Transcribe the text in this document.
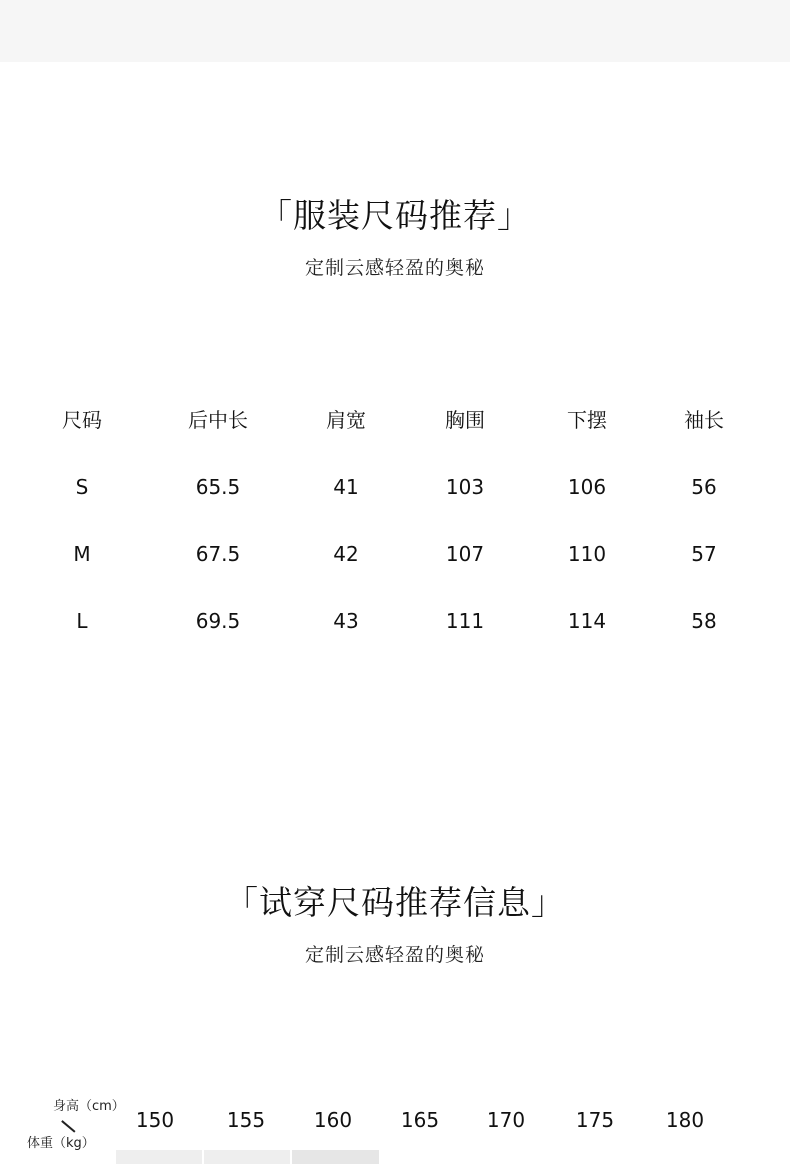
「服装尺码推荐」
定制云感轻盈的奥秘
尺码	后中长	肩宽	胸围	下摆	袖长
S	65.5	41	103	106	56
M	67.5	42	107	110	57
L	69.5	43	111	114	58
「试穿尺码推荐信息」
定制云感轻盈的奥秘
身高（cm）
体重（kg）
150	155	160	165	170	175	180
